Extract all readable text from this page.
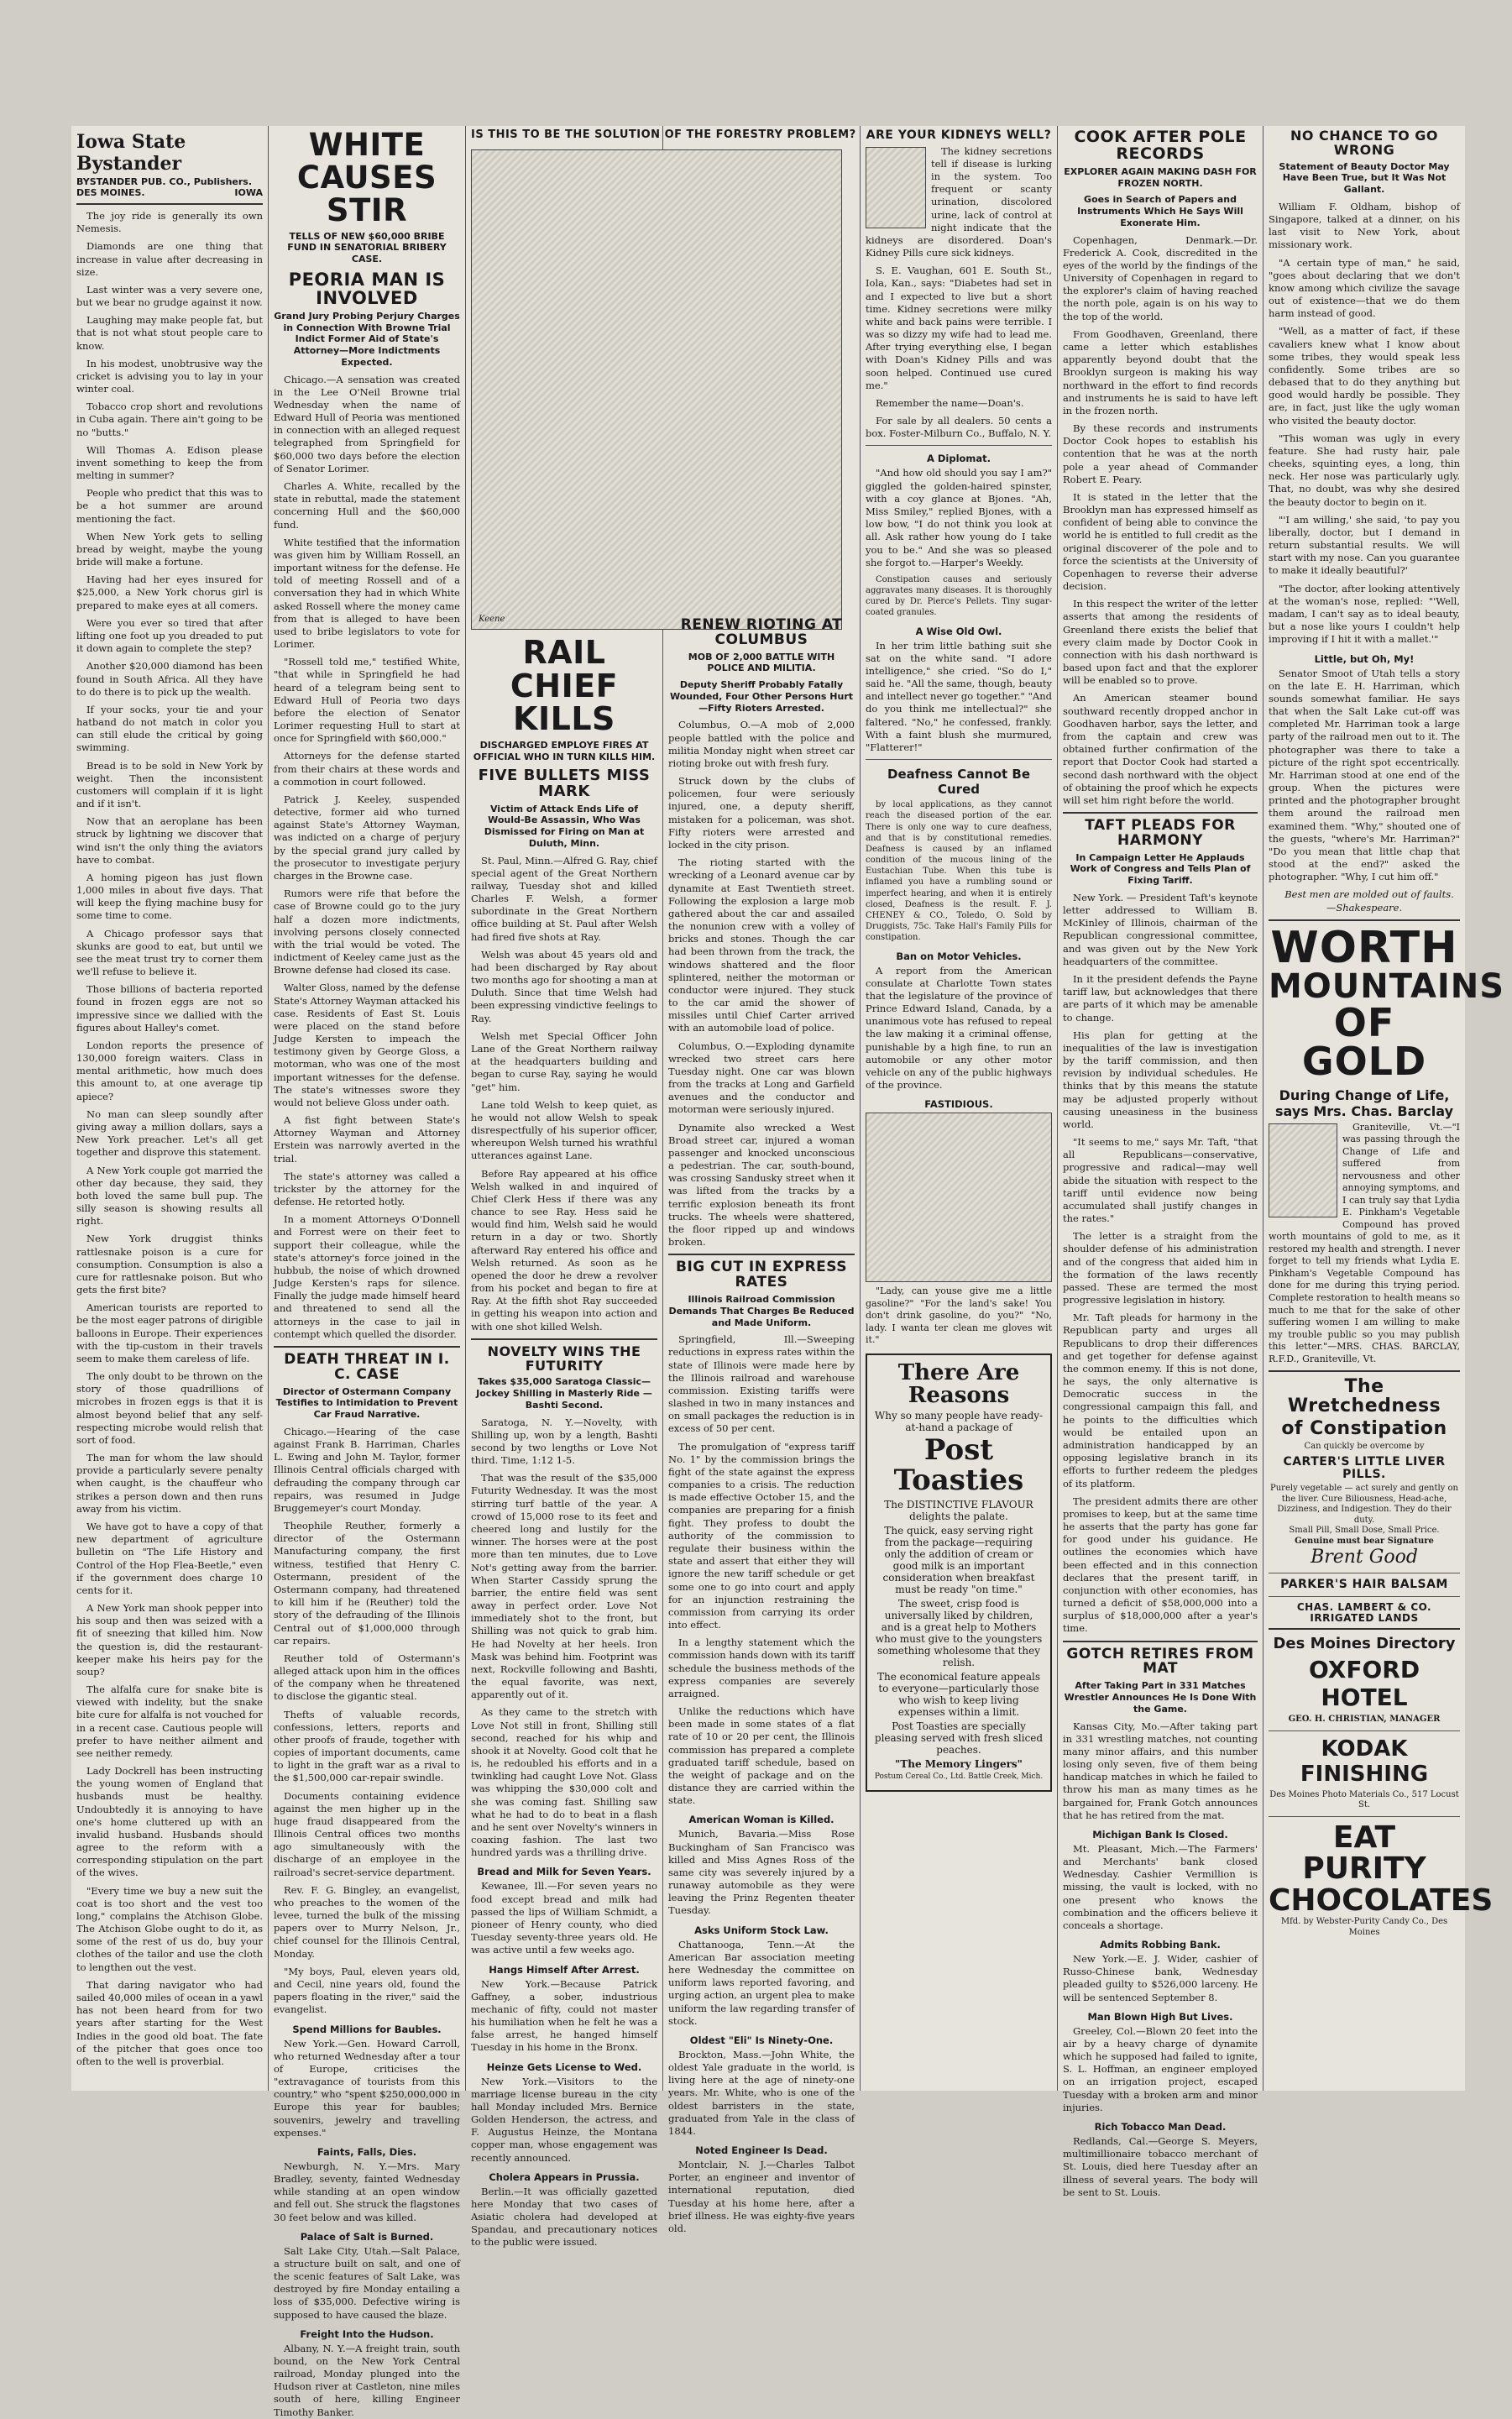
Iowa State Bystander
BYSTANDER PUB. CO., Publishers.
DES MOINES.	IOWA

The joy ride is generally its own Nemesis.

Diamonds are one thing that increase in value after decreasing in size.

Last winter was a very severe one, but we bear no grudge against it now.

Laughing may make people fat, but that is not what stout people care to know.

In his modest, unobtrusive way the cricket is advising you to lay in your winter coal.

Tobacco crop short and revolutions in Cuba again. There ain't going to be no "butts."

Will Thomas A. Edison please invent something to keep the from melting in summer?

People who predict that this was to be a hot summer are around mentioning the fact.

When New York gets to selling bread by weight, maybe the young bride will make a fortune.

Having had her eyes insured for $25,000, a New York chorus girl is prepared to make eyes at all comers.

Were you ever so tired that after lifting one foot up you dreaded to put it down again to complete the step?

Another $20,000 diamond has been found in South Africa. All they have to do there is to pick up the wealth.

If your socks, your tie and your hatband do not match in color you can still elude the critical by going swimming.

Bread is to be sold in New York by weight. Then the inconsistent customers will complain if it is light and if it isn't.

Now that an aeroplane has been struck by lightning we discover that wind isn't the only thing the aviators have to combat.

A homing pigeon has just flown 1,000 miles in about five days. That will keep the flying machine busy for some time to come.

A Chicago professor says that skunks are good to eat, but until we see the meat trust try to corner them we'll refuse to believe it.

Those billions of bacteria reported found in frozen eggs are not so impressive since we dallied with the figures about Halley's comet.

London reports the presence of 130,000 foreign waiters. Class in mental arithmetic, how much does this amount to, at one average tip apiece?

No man can sleep soundly after giving away a million dollars, says a New York preacher. Let's all get together and disprove this statement.

A New York couple got married the other day because, they said, they both loved the same bull pup. The silly season is showing results all right.

New York druggist thinks rattlesnake poison is a cure for consumption. Consumption is also a cure for rattlesnake poison. But who gets the first bite?

American tourists are reported to be the most eager patrons of dirigible balloons in Europe. Their experiences with the tip-custom in their travels seem to make them careless of life.

The only doubt to be thrown on the story of those quadrillions of microbes in frozen eggs is that it is almost beyond belief that any self-respecting microbe would relish that sort of food.

The man for whom the law should provide a particularly severe penalty when caught, is the chauffeur who strikes a person down and then runs away from his victim.

We have got to have a copy of that new department of agriculture bulletin on "The Life History and Control of the Hop Flea-Beetle," even if the government does charge 10 cents for it.

A New York man shook pepper into his soup and then was seized with a fit of sneezing that killed him. Now the question is, did the restaurant-keeper make his heirs pay for the soup?

The alfalfa cure for snake bite is viewed with indelity, but the snake bite cure for alfalfa is not vouched for in a recent case. Cautious people will prefer to have neither ailment and see neither remedy.

Lady Dockrell has been instructing the young women of England that husbands must be healthy. Undoubtedly it is annoying to have one's home cluttered up with an invalid husband. Husbands should agree to the reform with a corresponding stipulation on the part of the wives.

"Every time we buy a new suit the coat is too short and the vest too long," complains the Atchison Globe. The Atchison Globe ought to do it, as some of the rest of us do, buy your clothes of the tailor and use the cloth to lengthen out the vest.

That daring navigator who had sailed 40,000 miles of ocean in a yawl has not been heard from for two years after starting for the West Indies in the good old boat. The fate of the pitcher that goes once too often to the well is proverbial.

WHITE CAUSES STIR
TELLS OF NEW $60,000 BRIBE FUND IN SENATORIAL BRIBERY CASE.
PEORIA MAN IS INVOLVED
Grand Jury Probing Perjury Charges in Connection With Browne Trial Indict Former Aid of State's Attorney—More Indictments Expected.

Chicago.—A sensation was created in the Lee O'Neil Browne trial Wednesday when the name of Edward Hull of Peoria was mentioned in connection with an alleged request telegraphed from Springfield for $60,000 two days before the election of Senator Lorimer.

Charles A. White, recalled by the state in rebuttal, made the statement concerning Hull and the $60,000 fund.

White testified that the information was given him by William Rossell, an important witness for the defense. He told of meeting Rossell and of a conversation they had in which White asked Rossell where the money came from that is alleged to have been used to bribe legislators to vote for Lorimer.

"Rossell told me," testified White, "that while in Springfield he had heard of a telegram being sent to Edward Hull of Peoria two days before the election of Senator Lorimer requesting Hull to start at once for Springfield with $60,000."

Attorneys for the defense started from their chairs at these words and a commotion in court followed.

Patrick J. Keeley, suspended detective, former aid who turned against State's Attorney Wayman, was indicted on a charge of perjury by the special grand jury called by the prosecutor to investigate perjury charges in the Browne case.

Rumors were rife that before the case of Browne could go to the jury half a dozen more indictments, involving persons closely connected with the trial would be voted. The indictment of Keeley came just as the Browne defense had closed its case.

Walter Gloss, named by the defense State's Attorney Wayman attacked his case. Residents of East St. Louis were placed on the stand before Judge Kersten to impeach the testimony given by George Gloss, a motorman, who was one of the most important witnesses for the defense. The state's witnesses swore they would not believe Gloss under oath.

A fist fight between State's Attorney Wayman and Attorney Erstein was narrowly averted in the trial.

The state's attorney was called a trickster by the attorney for the defense. He retorted hotly.

In a moment Attorneys O'Donnell and Forrest were on their feet to support their colleague, while the state's attorney's force joined in the hubbub, the noise of which drowned Judge Kersten's raps for silence. Finally the judge made himself heard and threatened to send all the attorneys in the case to jail in contempt which quelled the disorder.

DEATH THREAT IN I. C. CASE
Director of Ostermann Company Testifies to Intimidation to Prevent Car Fraud Narrative.

Chicago.—Hearing of the case against Frank B. Harriman, Charles L. Ewing and John M. Taylor, former Illinois Central officials charged with defrauding the company through car repairs, was resumed in Judge Bruggemeyer's court Monday.

Theophile Reuther, formerly a director of the Ostermann Manufacturing company, the first witness, testified that Henry C. Ostermann, president of the Ostermann company, had threatened to kill him if he (Reuther) told the story of the defrauding of the Illinois Central out of $1,000,000 through car repairs.

Reuther told of Ostermann's alleged attack upon him in the offices of the company when he threatened to disclose the gigantic steal.

Thefts of valuable records, confessions, letters, reports and other proofs of fraude, together with copies of important documents, came to light in the graft war as a rival to the $1,500,000 car-repair swindle.

Documents containing evidence against the men higher up in the huge fraud disappeared from the Illinois Central offices two months ago simultaneously with the discharge of an employee in the railroad's secret-service department.

Rev. F. G. Bingley, an evangelist, who preaches to the women of the levee, turned the bulk of the missing papers over to Murry Nelson, Jr., chief counsel for the Illinois Central, Monday.

"My boys, Paul, eleven years old, and Cecil, nine years old, found the papers floating in the river," said the evangelist.

Spend Millions for Baubles.

New York.—Gen. Howard Carroll, who returned Wednesday after a tour of Europe, criticises the "extravagance of tourists from this country," who "spent $250,000,000 in Europe this year for baubles; souvenirs, jewelry and travelling expenses."

Faints, Falls, Dies.

Newburgh, N. Y.—Mrs. Mary Bradley, seventy, fainted Wednesday while standing at an open window and fell out. She struck the flagstones 30 feet below and was killed.

Palace of Salt is Burned.

Salt Lake City, Utah.—Salt Palace, a structure built on salt, and one of the scenic features of Salt Lake, was destroyed by fire Monday entailing a loss of $35,000. Defective wiring is supposed to have caused the blaze.

Freight Into the Hudson.

Albany, N. Y.—A freight train, south bound, on the New York Central railroad, Monday plunged into the Hudson river at Castleton, nine miles south of here, killing Engineer Timothy Banker.

IS THIS TO BE THE SOLUTION OF THE FORESTRY PROBLEM?
Keene
RAIL CHIEF KILLS
DISCHARGED EMPLOYE FIRES AT OFFICIAL WHO IN TURN KILLS HIM.
FIVE BULLETS MISS MARK
Victim of Attack Ends Life of Would-Be Assassin, Who Was Dismissed for Firing on Man at Duluth, Minn.

St. Paul, Minn.—Alfred G. Ray, chief special agent of the Great Northern railway, Tuesday shot and killed Charles F. Welsh, a former subordinate in the Great Northern office building at St. Paul after Welsh had fired five shots at Ray.

Welsh was about 45 years old and had been discharged by Ray about two months ago for shooting a man at Duluth. Since that time Welsh had been expressing vindictive feelings to Ray.

Welsh met Special Officer John Lane of the Great Northern railway at the headquarters building and began to curse Ray, saying he would "get" him.

Lane told Welsh to keep quiet, as he would not allow Welsh to speak disrespectfully of his superior officer, whereupon Welsh turned his wrathful utterances against Lane.

Before Ray appeared at his office Welsh walked in and inquired of Chief Clerk Hess if there was any chance to see Ray. Hess said he would find him, Welsh said he would return in a day or two. Shortly afterward Ray entered his office and Welsh returned. As soon as he opened the door he drew a revolver from his pocket and began to fire at Ray. At the fifth shot Ray succeeded in getting his weapon into action and with one shot killed Welsh.

NOVELTY WINS THE FUTURITY
Takes $35,000 Saratoga Classic—Jockey Shilling in Masterly Ride —Bashti Second.

Saratoga, N. Y.—Novelty, with Shilling up, won by a length, Bashti second by two lengths or Love Not third. Time, 1:12 1-5.

That was the result of the $35,000 Futurity Wednesday. It was the most stirring turf battle of the year. A crowd of 15,000 rose to its feet and cheered long and lustily for the winner. The horses were at the post more than ten minutes, due to Love Not's getting away from the barrier. When Starter Cassidy sprung the barrier, the entire field was sent away in perfect order. Love Not immediately shot to the front, but Shilling was not quick to grab him. He had Novelty at her heels. Iron Mask was behind him. Footprint was next, Rockville following and Bashti, the equal favorite, was next, apparently out of it.

As they came to the stretch with Love Not still in front, Shilling still second, reached for his whip and shook it at Novelty. Good colt that he is, he redoubled his efforts and in a twinkling had caught Love Not. Glass was whipping the $30,000 colt and she was coming fast. Shilling saw what he had to do to beat in a flash and he sent over Novelty's winners in coaxing fashion. The last two hundred yards was a thrilling drive.

Bread and Milk for Seven Years.

Kewanee, Ill.—For seven years no food except bread and milk had passed the lips of William Schmidt, a pioneer of Henry county, who died Tuesday seventy-three years old. He was active until a few weeks ago.

Hangs Himself After Arrest.

New York.—Because Patrick Gaffney, a sober, industrious mechanic of fifty, could not master his humiliation when he felt he was a false arrest, he hanged himself Tuesday in his home in the Bronx.

Heinze Gets License to Wed.

New York.—Visitors to the marriage license bureau in the city hall Monday included Mrs. Bernice Golden Henderson, the actress, and F. Augustus Heinze, the Montana copper man, whose engagement was recently announced.

Cholera Appears in Prussia.

Berlin.—It was officially gazetted here Monday that two cases of Asiatic cholera had developed at Spandau, and precautionary notices to the public were issued.

RENEW RIOTING AT COLUMBUS
MOB OF 2,000 BATTLE WITH POLICE AND MILITIA.
Deputy Sheriff Probably Fatally Wounded, Four Other Persons Hurt—Fifty Rioters Arrested.

Columbus, O.—A mob of 2,000 people battled with the police and militia Monday night when street car rioting broke out with fresh fury.

Struck down by the clubs of policemen, four were seriously injured, one, a deputy sheriff, mistaken for a policeman, was shot. Fifty rioters were arrested and locked in the city prison.

The rioting started with the wrecking of a Leonard avenue car by dynamite at East Twentieth street. Following the explosion a large mob gathered about the car and assailed the nonunion crew with a volley of bricks and stones. Though the car had been thrown from the track, the windows shattered and the floor splintered, neither the motorman or conductor were injured. They stuck to the car amid the shower of missiles until Chief Carter arrived with an automobile load of police.

Columbus, O.—Exploding dynamite wrecked two street cars here Tuesday night. One car was blown from the tracks at Long and Garfield avenues and the conductor and motorman were seriously injured.

Dynamite also wrecked a West Broad street car, injured a woman passenger and knocked unconscious a pedestrian. The car, south-bound, was crossing Sandusky street when it was lifted from the tracks by a terrific explosion beneath its front trucks. The wheels were shattered, the floor ripped up and windows broken.

BIG CUT IN EXPRESS RATES
Illinois Railroad Commission Demands That Charges Be Reduced and Made Uniform.

Springfield, Ill.—Sweeping reductions in express rates within the state of Illinois were made here by the Illinois railroad and warehouse commission. Existing tariffs were slashed in two in many instances and on small packages the reduction is in excess of 50 per cent.

The promulgation of "express tariff No. 1" by the commission brings the fight of the state against the express companies to a crisis. The reduction is made effective October 15, and the companies are preparing for a finish fight. They profess to doubt the authority of the commission to regulate their business within the state and assert that either they will ignore the new tariff schedule or get some one to go into court and apply for an injunction restraining the commission from carrying its order into effect.

In a lengthy statement which the commission hands down with its tariff schedule the business methods of the express companies are severely arraigned.

Unlike the reductions which have been made in some states of a flat rate of 10 or 20 per cent, the Illinois commission has prepared a complete graduated tariff schedule, based on the weight of package and on the distance they are carried within the state.

American Woman is Killed.

Munich, Bavaria.—Miss Rose Buckingham of San Francisco was killed and Miss Agnes Ross of the same city was severely injured by a runaway automobile as they were leaving the Prinz Regenten theater Tuesday.

Asks Uniform Stock Law.

Chattanooga, Tenn.—At the American Bar association meeting here Wednesday the committee on uniform laws reported favoring, and urging action, an urgent plea to make uniform the law regarding transfer of stock.

Oldest "Eli" Is Ninety-One.

Brockton, Mass.—John White, the oldest Yale graduate in the world, is living here at the age of ninety-one years. Mr. White, who is one of the oldest barristers in the state, graduated from Yale in the class of 1844.

Noted Engineer Is Dead.

Montclair, N. J.—Charles Talbot Porter, an engineer and inventor of international reputation, died Tuesday at his home here, after a brief illness. He was eighty-five years old.

ARE YOUR KIDNEYS WELL?

The kidney secretions tell if disease is lurking in the system. Too frequent or scanty urination, discolored urine, lack of control at night indicate that the kidneys are disordered. Doan's Kidney Pills cure sick kidneys.

S. E. Vaughan, 601 E. South St., Iola, Kan., says: "Diabetes had set in and I expected to live but a short time. Kidney secretions were milky white and back pains were terrible. I was so dizzy my wife had to lead me. After trying everything else, I began with Doan's Kidney Pills and was soon helped. Continued use cured me."

Remember the name—Doan's.

For sale by all dealers. 50 cents a box. Foster-Milburn Co., Buffalo, N. Y.

A Diplomat.

"And how old should you say I am?" giggled the golden-haired spinster, with a coy glance at Bjones. "Ah, Miss Smiley," replied Bjones, with a low bow, "I do not think you look at all. Ask rather how young do I take you to be." And she was so pleased she forgot to.—Harper's Weekly.

Constipation causes and seriously aggravates many diseases. It is thoroughly cured by Dr. Pierce's Pellets. Tiny sugar-coated granules.

A Wise Old Owl.

In her trim little bathing suit she sat on the white sand. "I adore intelligence," she cried. "So do I," said he. "All the same, though, beauty and intellect never go together." "And do you think me intellectual?" she faltered. "No," he confessed, frankly. With a faint blush she murmured, "Flatterer!"

Deafness Cannot Be Cured

by local applications, as they cannot reach the diseased portion of the ear. There is only one way to cure deafness, and that is by constitutional remedies. Deafness is caused by an inflamed condition of the mucous lining of the Eustachian Tube. When this tube is inflamed you have a rumbling sound or imperfect hearing, and when it is entirely closed, Deafness is the result. F. J. CHENEY & CO., Toledo, O. Sold by Druggists, 75c. Take Hall's Family Pills for constipation.

Ban on Motor Vehicles.

A report from the American consulate at Charlotte Town states that the legislature of the province of Prince Edward Island, Canada, by a unanimous vote has refused to repeal the law making it a criminal offense, punishable by a high fine, to run an automobile or any other motor vehicle on any of the public highways of the province.

FASTIDIOUS.

"Lady, can youse give me a little gasoline?" "For the land's sake! You don't drink gasoline, do you?" "No, lady. I wanta ter clean me gloves wit it."

There Are
Reasons
Why so many people have ready-at-hand a package of
Post Toasties
The DISTINCTIVE FLAVOUR delights the palate.
The quick, easy serving right from the package—requiring only the addition of cream or good milk is an important consideration when breakfast must be ready "on time."
The sweet, crisp food is universally liked by children, and is a great help to Mothers who must give to the youngsters something wholesome that they relish.
The economical feature appeals to everyone—particularly those who wish to keep living expenses within a limit.
Post Toasties are specially pleasing served with fresh sliced peaches.
"The Memory Lingers"
Postum Cereal Co., Ltd. Battle Creek, Mich.
COOK AFTER POLE RECORDS
EXPLORER AGAIN MAKING DASH FOR FROZEN NORTH.
Goes in Search of Papers and Instruments Which He Says Will Exonerate Him.

Copenhagen, Denmark.—Dr. Frederick A. Cook, discredited in the eyes of the world by the findings of the University of Copenhagen in regard to the explorer's claim of having reached the north pole, again is on his way to the top of the world.

From Goodhaven, Greenland, there came a letter which establishes apparently beyond doubt that the Brooklyn surgeon is making his way northward in the effort to find records and instruments he is said to have left in the frozen north.

By these records and instruments Doctor Cook hopes to establish his contention that he was at the north pole a year ahead of Commander Robert E. Peary.

It is stated in the letter that the Brooklyn man has expressed himself as confident of being able to convince the world he is entitled to full credit as the original discoverer of the pole and to force the scientists at the University of Copenhagen to reverse their adverse decision.

In this respect the writer of the letter asserts that among the residents of Greenland there exists the belief that every claim made by Doctor Cook in connection with his dash northward is based upon fact and that the explorer will be enabled so to prove.

An American steamer bound southward recently dropped anchor in Goodhaven harbor, says the letter, and from the captain and crew was obtained further confirmation of the report that Doctor Cook had started a second dash northward with the object of obtaining the proof which he expects will set him right before the world.

TAFT PLEADS FOR HARMONY
In Campaign Letter He Applauds Work of Congress and Tells Plan of Fixing Tariff.

New York. — President Taft's keynote letter addressed to William B. McKinley of Illinois, chairman of the Republican congressional committee, and was given out by the New York headquarters of the committee.

In it the president defends the Payne tariff law, but acknowledges that there are parts of it which may be amenable to change.

His plan for getting at the inequalities of the law is investigation by the tariff commission, and then revision by individual schedules. He thinks that by this means the statute may be adjusted properly without causing uneasiness in the business world.

"It seems to me," says Mr. Taft, "that all Republicans—conservative, progressive and radical—may well abide the situation with respect to the tariff until evidence now being accumulated shall justify changes in the rates."

The letter is a straight from the shoulder defense of his administration and of the congress that aided him in the formation of the laws recently passed. These are termed the most progressive legislation in history.

Mr. Taft pleads for harmony in the Republican party and urges all Republicans to drop their differences and get together for defense against the common enemy. If this is not done, he says, the only alternative is Democratic success in the congressional campaign this fall, and he points to the difficulties which would be entailed upon an administration handicapped by an opposing legislative branch in its efforts to further redeem the pledges of its platform.

The president admits there are other promises to keep, but at the same time he asserts that the party has gone far for good under his guidance. He outlines the economies which have been effected and in this connection declares that the present tariff, in conjunction with other economies, has turned a deficit of $58,000,000 into a surplus of $18,000,000 after a year's time.

GOTCH RETIRES FROM MAT
After Taking Part in 331 Matches Wrestler Announces He Is Done With the Game.

Kansas City, Mo.—After taking part in 331 wrestling matches, not counting many minor affairs, and this number losing only seven, five of them being handicap matches in which he failed to throw his man as many times as he bargained for, Frank Gotch announces that he has retired from the mat.

Michigan Bank Is Closed.

Mt. Pleasant, Mich.—The Farmers' and Merchants' bank closed Wednesday. Cashier Vermillion is missing, the vault is locked, with no one present who knows the combination and the officers believe it conceals a shortage.

Admits Robbing Bank.

New York.—E. J. Wider, cashier of Russo-Chinese bank, Wednesday pleaded guilty to $526,000 larceny. He will be sentenced September 8.

Man Blown High But Lives.

Greeley, Col.—Blown 20 feet into the air by a heavy charge of dynamite which he supposed had failed to ignite, S. L. Hoffman, an engineer employed on an irrigation project, escaped Tuesday with a broken arm and minor injuries.

Rich Tobacco Man Dead.

Redlands, Cal.—George S. Meyers, multimillionaire tobacco merchant of St. Louis, died here Tuesday after an illness of several years. The body will be sent to St. Louis.

NO CHANCE TO GO WRONG
Statement of Beauty Doctor May Have Been True, but It Was Not Gallant.

William F. Oldham, bishop of Singapore, talked at a dinner, on his last visit to New York, about missionary work.

"A certain type of man," he said, "goes about declaring that we don't know among which civilize the savage out of existence—that we do them harm instead of good.

"Well, as a matter of fact, if these cavaliers knew what I know about some tribes, they would speak less confidently. Some tribes are so debased that to do they anything but good would hardly be possible. They are, in fact, just like the ugly woman who visited the beauty doctor.

"This woman was ugly in every feature. She had rusty hair, pale cheeks, squinting eyes, a long, thin neck. Her nose was particularly ugly. That, no doubt, was why she desired the beauty doctor to begin on it.

"'I am willing,' she said, 'to pay you liberally, doctor, but I demand in return substantial results. We will start with my nose. Can you guarantee to make it ideally beautiful?'

"The doctor, after looking attentively at the woman's nose, replied: "'Well, madam, I can't say as to ideal beauty, but a nose like yours I couldn't help improving if I hit it with a mallet.'"

Little, but Oh, My!

Senator Smoot of Utah tells a story on the late E. H. Harriman, which sounds somewhat familiar. He says that when the Salt Lake cut-off was completed Mr. Harriman took a large party of the railroad men out to it. The photographer was there to take a picture of the right spot eccentrically. Mr. Harriman stood at one end of the group. When the pictures were printed and the photographer brought them around the railroad men examined them. "Why," shouted one of the guests, "where's Mr. Harriman?" "Do you mean that little chap that stood at the end?" asked the photographer. "Why, I cut him off."

Best men are molded out of faults. —Shakespeare.

WORTH
MOUNTAINS
OF GOLD
During Change of Life, says Mrs. Chas. Barclay

Graniteville, Vt.—"I was passing through the Change of Life and suffered from nervousness and other annoying symptoms, and I can truly say that Lydia E. Pinkham's Vegetable Compound has proved worth mountains of gold to me, as it restored my health and strength. I never forget to tell my friends what Lydia E. Pinkham's Vegetable Compound has done for me during this trying period. Complete restoration to health means so much to me that for the sake of other suffering women I am willing to make my trouble public so you may publish this letter."—MRS. CHAS. BARCLAY, R.F.D., Graniteville, Vt.

The Wretchedness
of Constipation
Can quickly be overcome by
CARTER'S LITTLE LIVER PILLS.
Purely vegetable — act surely and gently on the liver. Cure Biliousness, Head-ache, Dizziness, and Indigestion. They do their duty.
Small Pill, Small Dose, Small Price.
Genuine must bear Signature
Brent Good
PARKER'S HAIR BALSAM
CHAS. LAMBERT & CO. IRRIGATED LANDS
Des Moines Directory
OXFORD HOTEL
GEO. H. CHRISTIAN, MANAGER
KODAK FINISHING
Des Moines Photo Materials Co., 517 Locust St.
EAT PURITY
CHOCOLATES
Mfd. by Webster-Purity Candy Co., Des Moines
